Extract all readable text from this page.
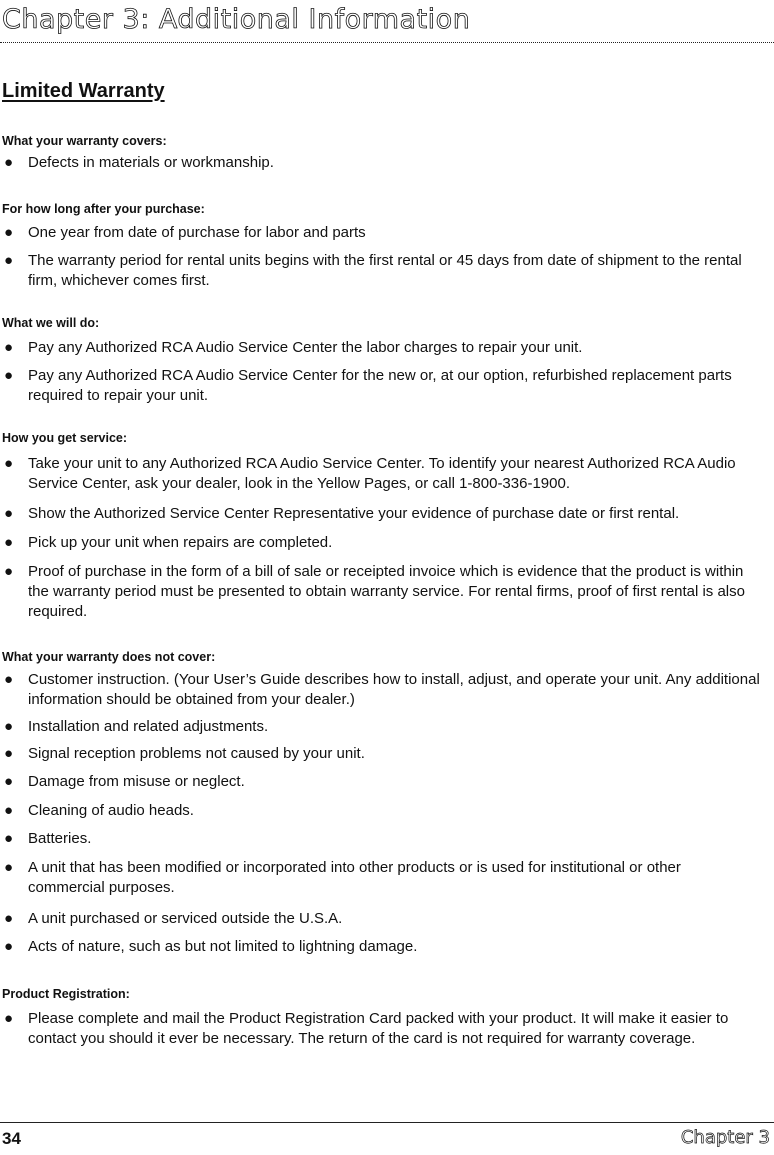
Chapter 3: Additional Information
Limited Warranty

What your warranty covers:

● Defects in materials or workmanship.

For how long after your purchase:

● One year from date of purchase for labor and parts
● The warranty period for rental units begins with the first rental or 45 days from date of shipment to the rental firm, whichever comes first.

What we will do:

● Pay any Authorized RCA Audio Service Center the labor charges to repair your unit.
● Pay any Authorized RCA Audio Service Center for the new or, at our option, refurbished replacement parts required to repair your unit.

How you get service:

● Take your unit to any Authorized RCA Audio Service Center. To identify your nearest Authorized RCA Audio Service Center, ask your dealer, look in the Yellow Pages, or call 1-800-336-1900.
● Show the Authorized Service Center Representative your evidence of purchase date or first rental.
● Pick up your unit when repairs are completed.
● Proof of purchase in the form of a bill of sale or receipted invoice which is evidence that the product is within the warranty period must be presented to obtain warranty service. For rental firms, proof of first rental is also required.

What your warranty does not cover:

● Customer instruction. (Your User’s Guide describes how to install, adjust, and operate your unit. Any additional information should be obtained from your dealer.)
● Installation and related adjustments.
● Signal reception problems not caused by your unit.
● Damage from misuse or neglect.
● Cleaning of audio heads.
● Batteries.
● A unit that has been modified or incorporated into other products or is used for institutional or other commercial purposes.
● A unit purchased or serviced outside the U.S.A.
● Acts of nature, such as but not limited to lightning damage.

Product Registration:

● Please complete and mail the Product Registration Card packed with your product. It will make it easier to contact you should it ever be necessary. The return of the card is not required for warranty coverage.
34	Chapter 3
